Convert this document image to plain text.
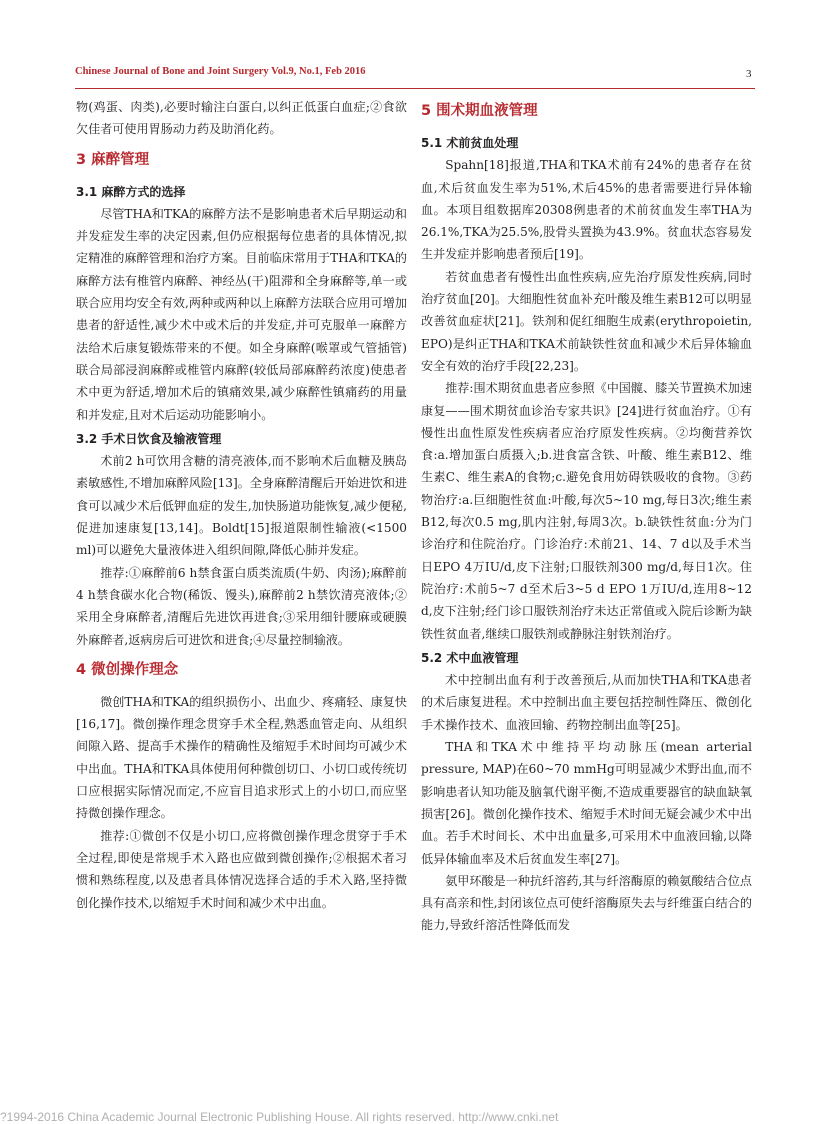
Chinese Journal of Bone and Joint Surgery Vol.9, No.1, Feb 2016	3

物(鸡蛋、肉类),必要时输注白蛋白,以纠正低蛋白血症;②食欲欠佳者可使用胃肠动力药及助消化药。

3 麻醉管理
3.1 麻醉方式的选择

尽管THA和TKA的麻醉方法不是影响患者术后早期运动和并发症发生率的决定因素,但仍应根据每位患者的具体情况,拟定精准的麻醉管理和治疗方案。目前临床常用于THA和TKA的麻醉方法有椎管内麻醉、神经丛(干)阻滞和全身麻醉等,单一或联合应用均安全有效,两种或两种以上麻醉方法联合应用可增加患者的舒适性,减少术中或术后的并发症,并可克服单一麻醉方法给术后康复锻炼带来的不便。如全身麻醉(喉罩或气管插管)联合局部浸润麻醉或椎管内麻醉(较低局部麻醉药浓度)使患者术中更为舒适,增加术后的镇痛效果,减少麻醉性镇痛药的用量和并发症,且对术后运动功能影响小。

3.2 手术日饮食及输液管理

术前2 h可饮用含糖的清亮液体,而不影响术后血糖及胰岛素敏感性,不增加麻醉风险[13]。全身麻醉清醒后开始进饮和进食可以减少术后低钾血症的发生,加快肠道功能恢复,减少便秘,促进加速康复[13,14]。Boldt[15]报道限制性输液(<1500 ml)可以避免大量液体进入组织间隙,降低心肺并发症。

推荐:①麻醉前6 h禁食蛋白质类流质(牛奶、肉汤);麻醉前4 h禁食碳水化合物(稀饭、馒头),麻醉前2 h禁饮清亮液体;②采用全身麻醉者,清醒后先进饮再进食;③采用细针腰麻或硬膜外麻醉者,返病房后可进饮和进食;④尽量控制输液。

4 微创操作理念

微创THA和TKA的组织损伤小、出血少、疼痛轻、康复快[16,17]。微创操作理念贯穿手术全程,熟悉血管走向、从组织间隙入路、提高手术操作的精确性及缩短手术时间均可减少术中出血。THA和TKA具体使用何种微创切口、小切口或传统切口应根据实际情况而定,不应盲目追求形式上的小切口,而应坚持微创操作理念。

推荐:①微创不仅是小切口,应将微创操作理念贯穿于手术全过程,即使是常规手术入路也应做到微创操作;②根据术者习惯和熟练程度,以及患者具体情况选择合适的手术入路,坚持微创化操作技术,以缩短手术时间和减少术中出血。

5 围术期血液管理
5.1 术前贫血处理

Spahn[18]报道,THA和TKA术前有24%的患者存在贫血,术后贫血发生率为51%,术后45%的患者需要进行异体输血。本项目组数据库20308例患者的术前贫血发生率THA为26.1%,TKA为25.5%,股骨头置换为43.9%。贫血状态容易发生并发症并影响患者预后[19]。

若贫血患者有慢性出血性疾病,应先治疗原发性疾病,同时治疗贫血[20]。大细胞性贫血补充叶酸及维生素B12可以明显改善贫血症状[21]。铁剂和促红细胞生成素(erythropoietin, EPO)是纠正THA和TKA术前缺铁性贫血和减少术后异体输血安全有效的治疗手段[22,23]。

推荐:围术期贫血患者应参照《中国髋、膝关节置换术加速康复——围术期贫血诊治专家共识》[24]进行贫血治疗。①有慢性出血性原发性疾病者应治疗原发性疾病。②均衡营养饮食:a.增加蛋白质摄入;b.进食富含铁、叶酸、维生素B12、维生素C、维生素A的食物;c.避免食用妨碍铁吸收的食物。③药物治疗:a.巨细胞性贫血:叶酸,每次5~10 mg,每日3次;维生素B12,每次0.5 mg,肌内注射,每周3次。b.缺铁性贫血:分为门诊治疗和住院治疗。门诊治疗:术前21、14、7 d以及手术当日EPO 4万IU/d,皮下注射;口服铁剂300 mg/d,每日1次。住院治疗:术前5~7 d至术后3~5 d EPO 1万IU/d,连用8~12 d,皮下注射;经门诊口服铁剂治疗未达正常值或入院后诊断为缺铁性贫血者,继续口服铁剂或静脉注射铁剂治疗。

5.2 术中血液管理

术中控制出血有利于改善预后,从而加快THA和TKA患者的术后康复进程。术中控制出血主要包括控制性降压、微创化手术操作技术、血液回输、药物控制出血等[25]。

THA和TKA术中维持平均动脉压(mean arterial pressure, MAP)在60~70 mmHg可明显减少术野出血,而不影响患者认知功能及脑氧代谢平衡,不造成重要器官的缺血缺氧损害[26]。微创化操作技术、缩短手术时间无疑会减少术中出血。若手术时间长、术中出血量多,可采用术中血液回输,以降低异体输血率及术后贫血发生率[27]。

氨甲环酸是一种抗纤溶药,其与纤溶酶原的赖氨酸结合位点具有高亲和性,封闭该位点可使纤溶酶原失去与纤维蛋白结合的能力,导致纤溶活性降低而发

?1994-2016 China Academic Journal Electronic Publishing House. All rights reserved. http://www.cnki.net
